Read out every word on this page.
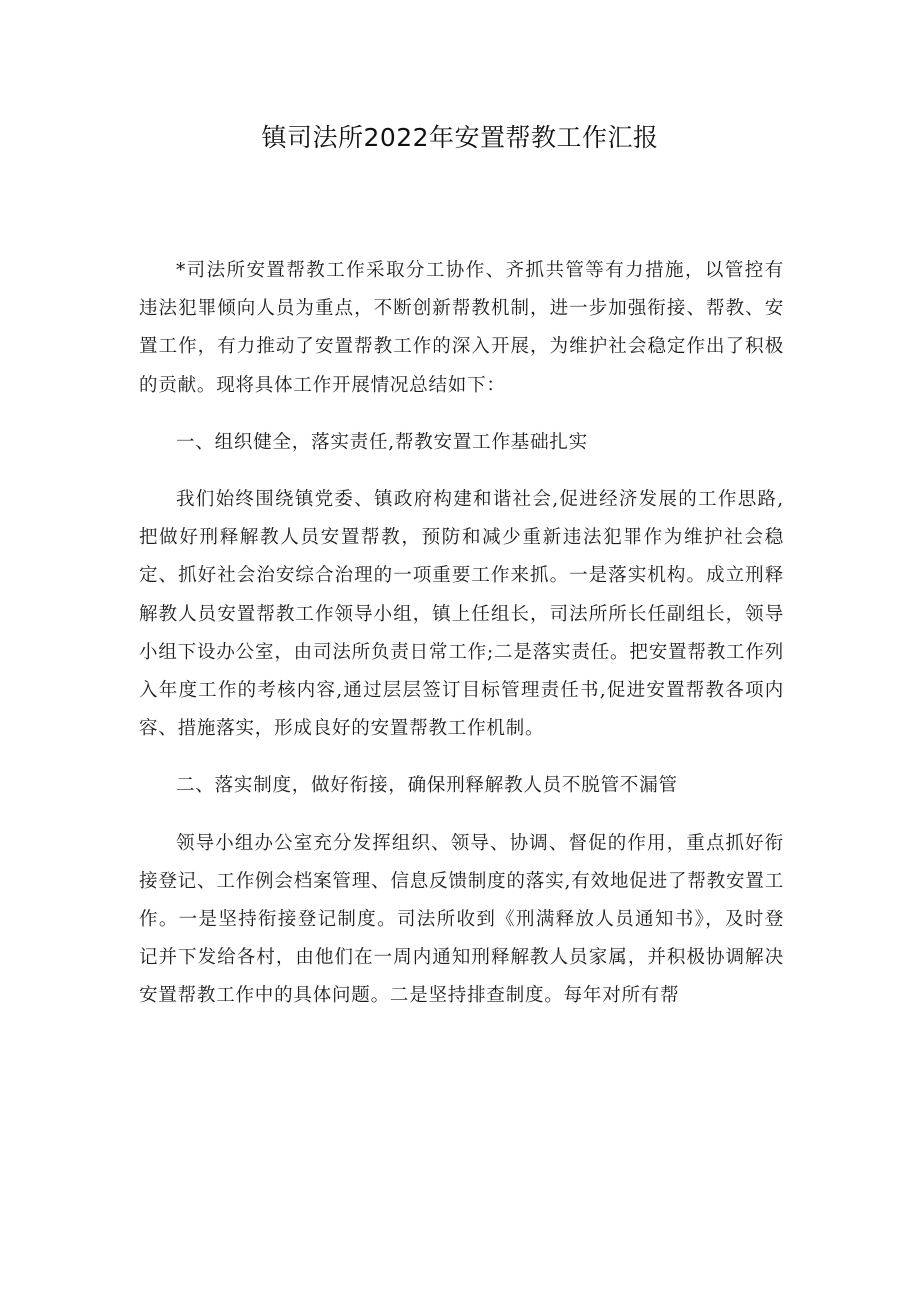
镇司法所2022年安置帮教工作汇报

*司法所安置帮教工作采取分工协作、齐抓共管等有力措施，以管控有违法犯罪倾向人员为重点，不断创新帮教机制，进一步加强衔接、帮教、安置工作，有力推动了安置帮教工作的深入开展，为维护社会稳定作出了积极的贡献。现将具体工作开展情况总结如下：

一、组织健全，落实责任,帮教安置工作基础扎实

我们始终围绕镇党委、镇政府构建和谐社会,促进经济发展的工作思路,把做好刑释解教人员安置帮教，预防和减少重新违法犯罪作为维护社会稳定、抓好社会治安综合治理的一项重要工作来抓。一是落实机构。成立刑释解教人员安置帮教工作领导小组，镇上任组长，司法所所长任副组长，领导小组下设办公室，由司法所负责日常工作;二是落实责任。把安置帮教工作列入年度工作的考核内容,通过层层签订目标管理责任书,促进安置帮教各项内容、措施落实，形成良好的安置帮教工作机制。

二、落实制度，做好衔接，确保刑释解教人员不脱管不漏管

领导小组办公室充分发挥组织、领导、协调、督促的作用，重点抓好衔接登记、工作例会档案管理、信息反馈制度的落实,有效地促进了帮教安置工作。一是坚持衔接登记制度。司法所收到《刑满释放人员通知书》，及时登记并下发给各村，由他们在一周内通知刑释解教人员家属，并积极协调解决安置帮教工作中的具体问题。二是坚持排查制度。每年对所有帮
